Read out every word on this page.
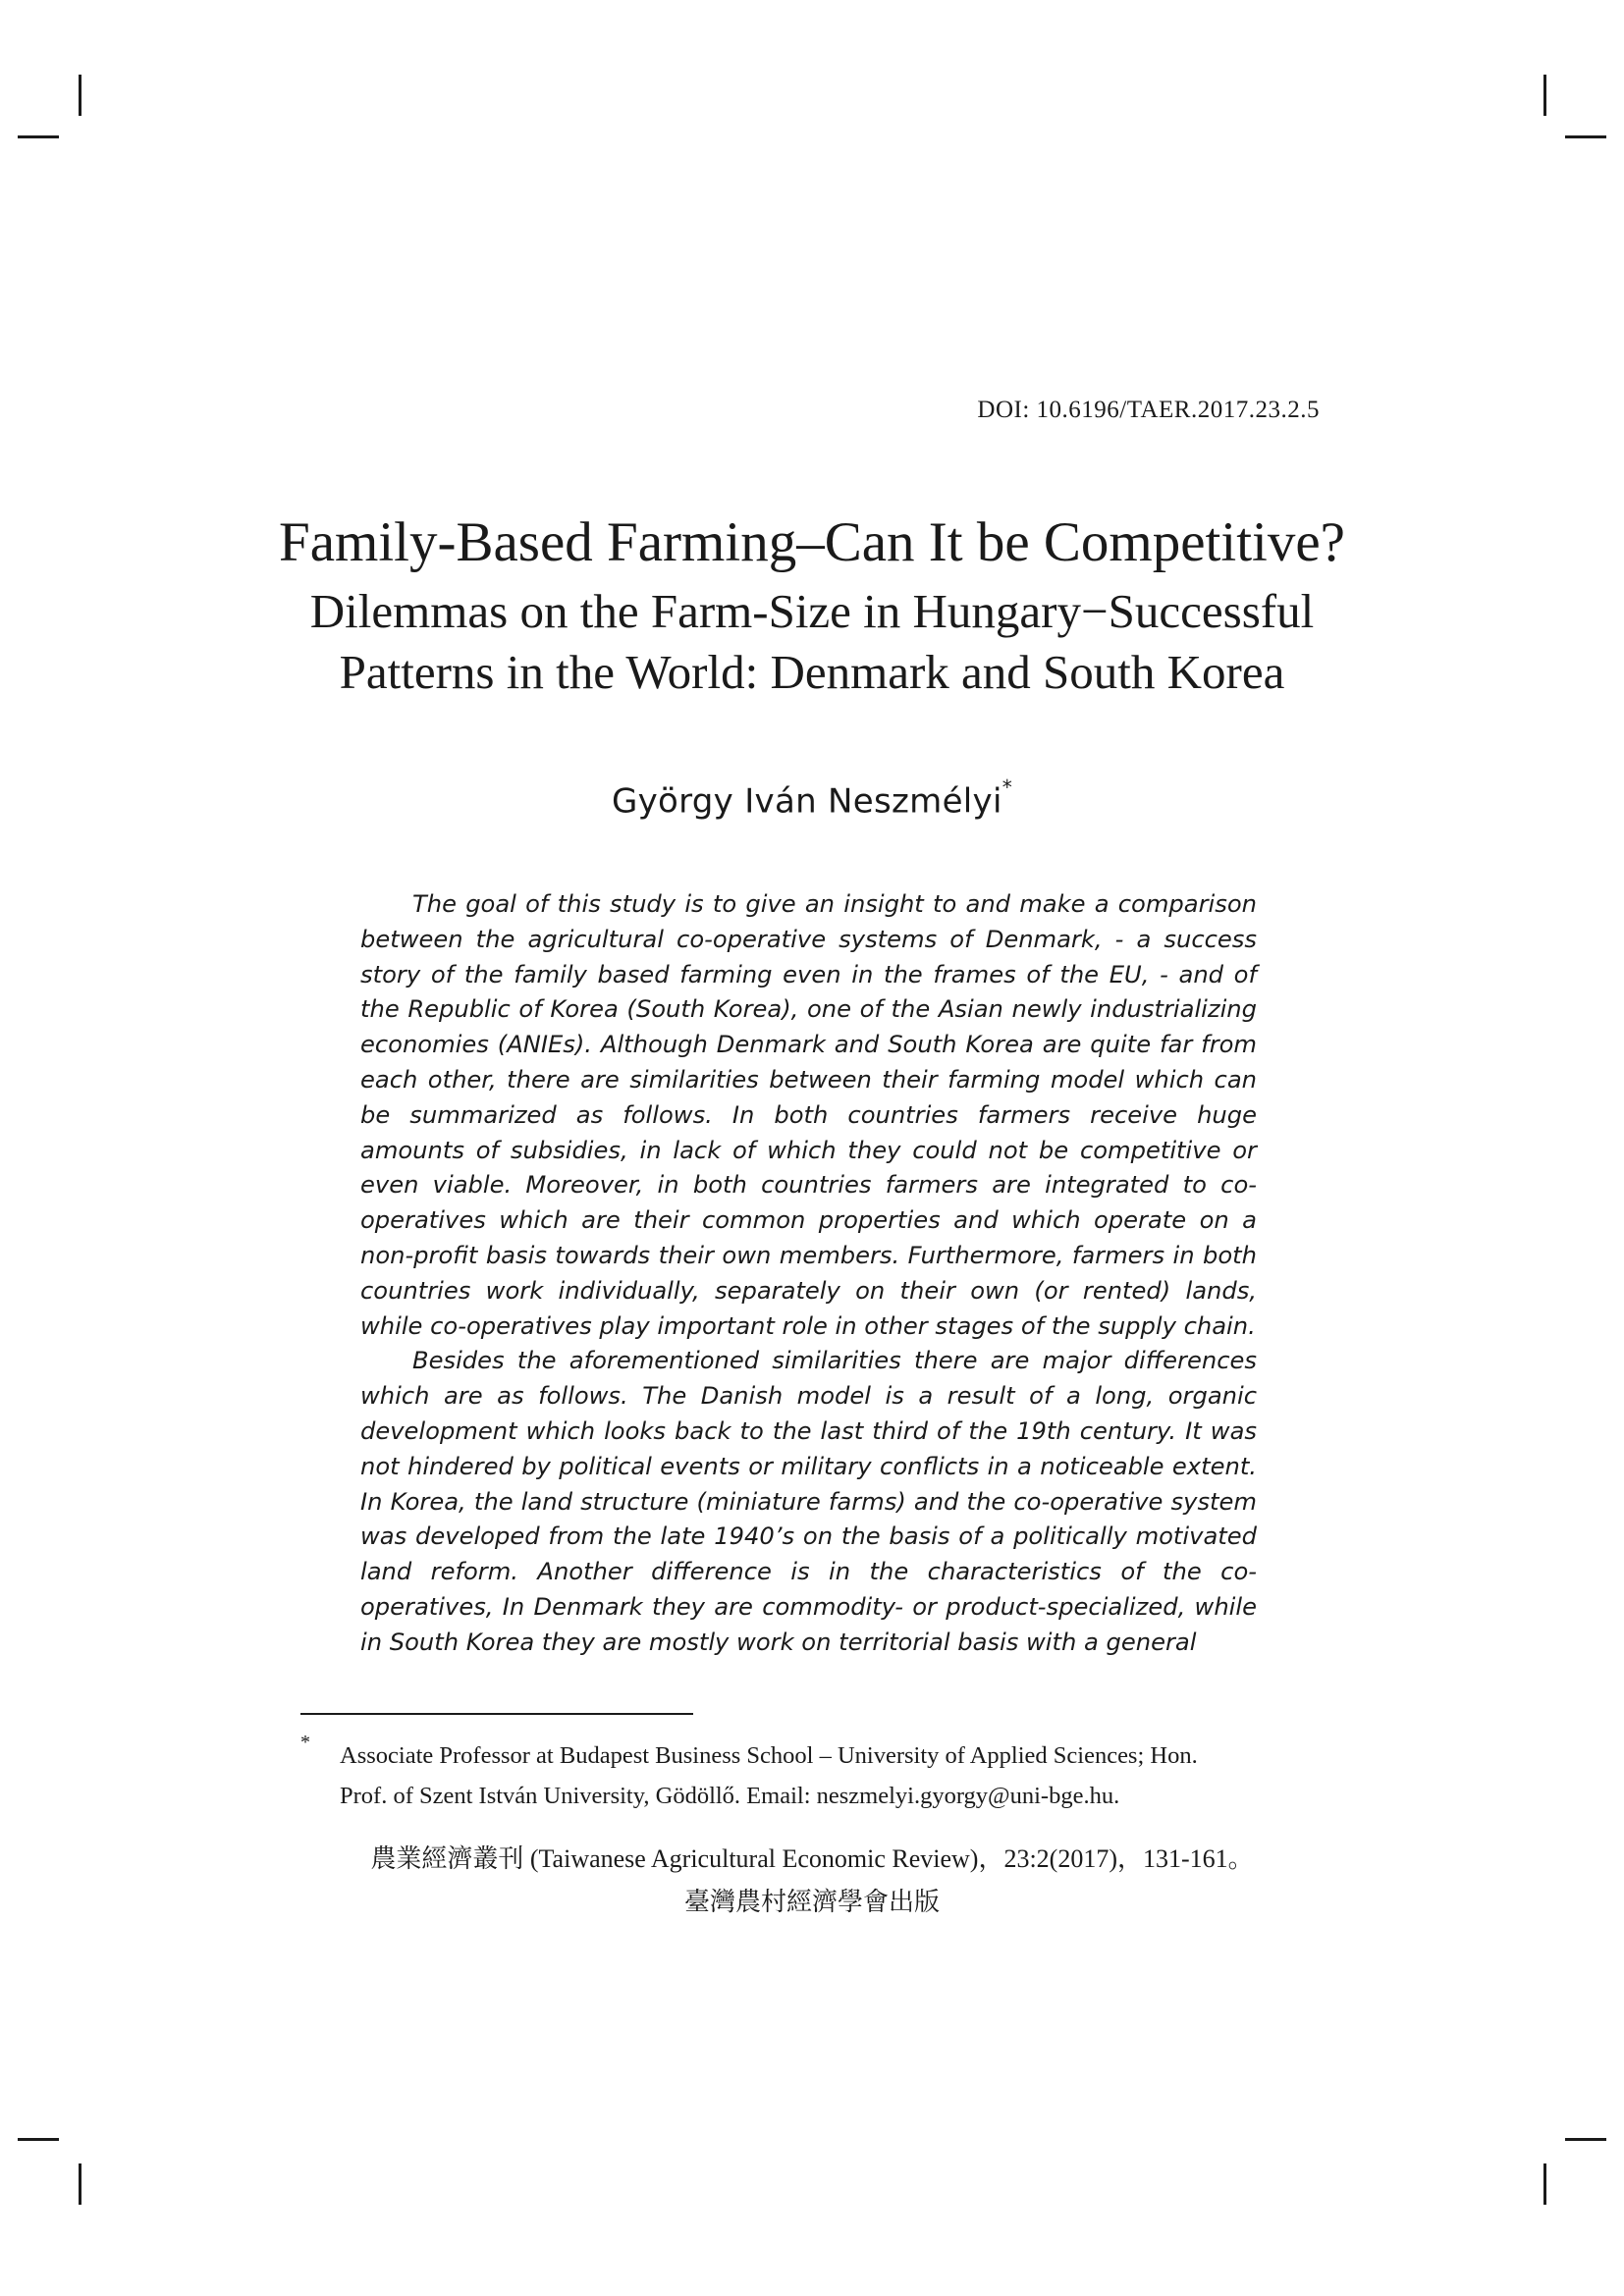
DOI: 10.6196/TAER.2017.23.2.5
Family-Based Farming–Can It be Competitive?
Dilemmas on the Farm-Size in Hungary−Successful
Patterns in the World: Denmark and South Korea
György Iván Neszmélyi*

The goal of this study is to give an insight to and make a comparison between the agricultural co-operative systems of Denmark, - a success story of the family based farming even in the frames of the EU, - and of the Republic of Korea (South Korea), one of the Asian newly industrializing economies (ANIEs). Although Denmark and South Korea are quite far from each other, there are similarities between their farming model which can be summarized as follows. In both countries farmers receive huge amounts of subsidies, in lack of which they could not be competitive or even viable. Moreover, in both countries farmers are integrated to co-operatives which are their common properties and which operate on a non-profit basis towards their own members. Furthermore, farmers in both countries work individually, separately on their own (or rented) lands, while co-operatives play important role in other stages of the supply chain.

Besides the aforementioned similarities there are major differences which are as follows. The Danish model is a result of a long, organic development which looks back to the last third of the 19th century. It was not hindered by political events or military conflicts in a noticeable extent. In Korea, the land structure (miniature farms) and the co-operative system was developed from the late 1940’s on the basis of a politically motivated land reform. Another difference is in the characteristics of the co-operatives, In Denmark they are commodity- or product-specialized, while in South Korea they are mostly work on territorial basis with a general

* Associate Professor at Budapest Business School – University of Applied Sciences; Hon.
Prof. of Szent István University, Gödöllő. Email: neszmelyi.gyorgy@uni-bge.hu.
農業經濟叢刊 (Taiwanese Agricultural Economic Review)，23:2(2017)，131-161。
臺灣農村經濟學會出版
